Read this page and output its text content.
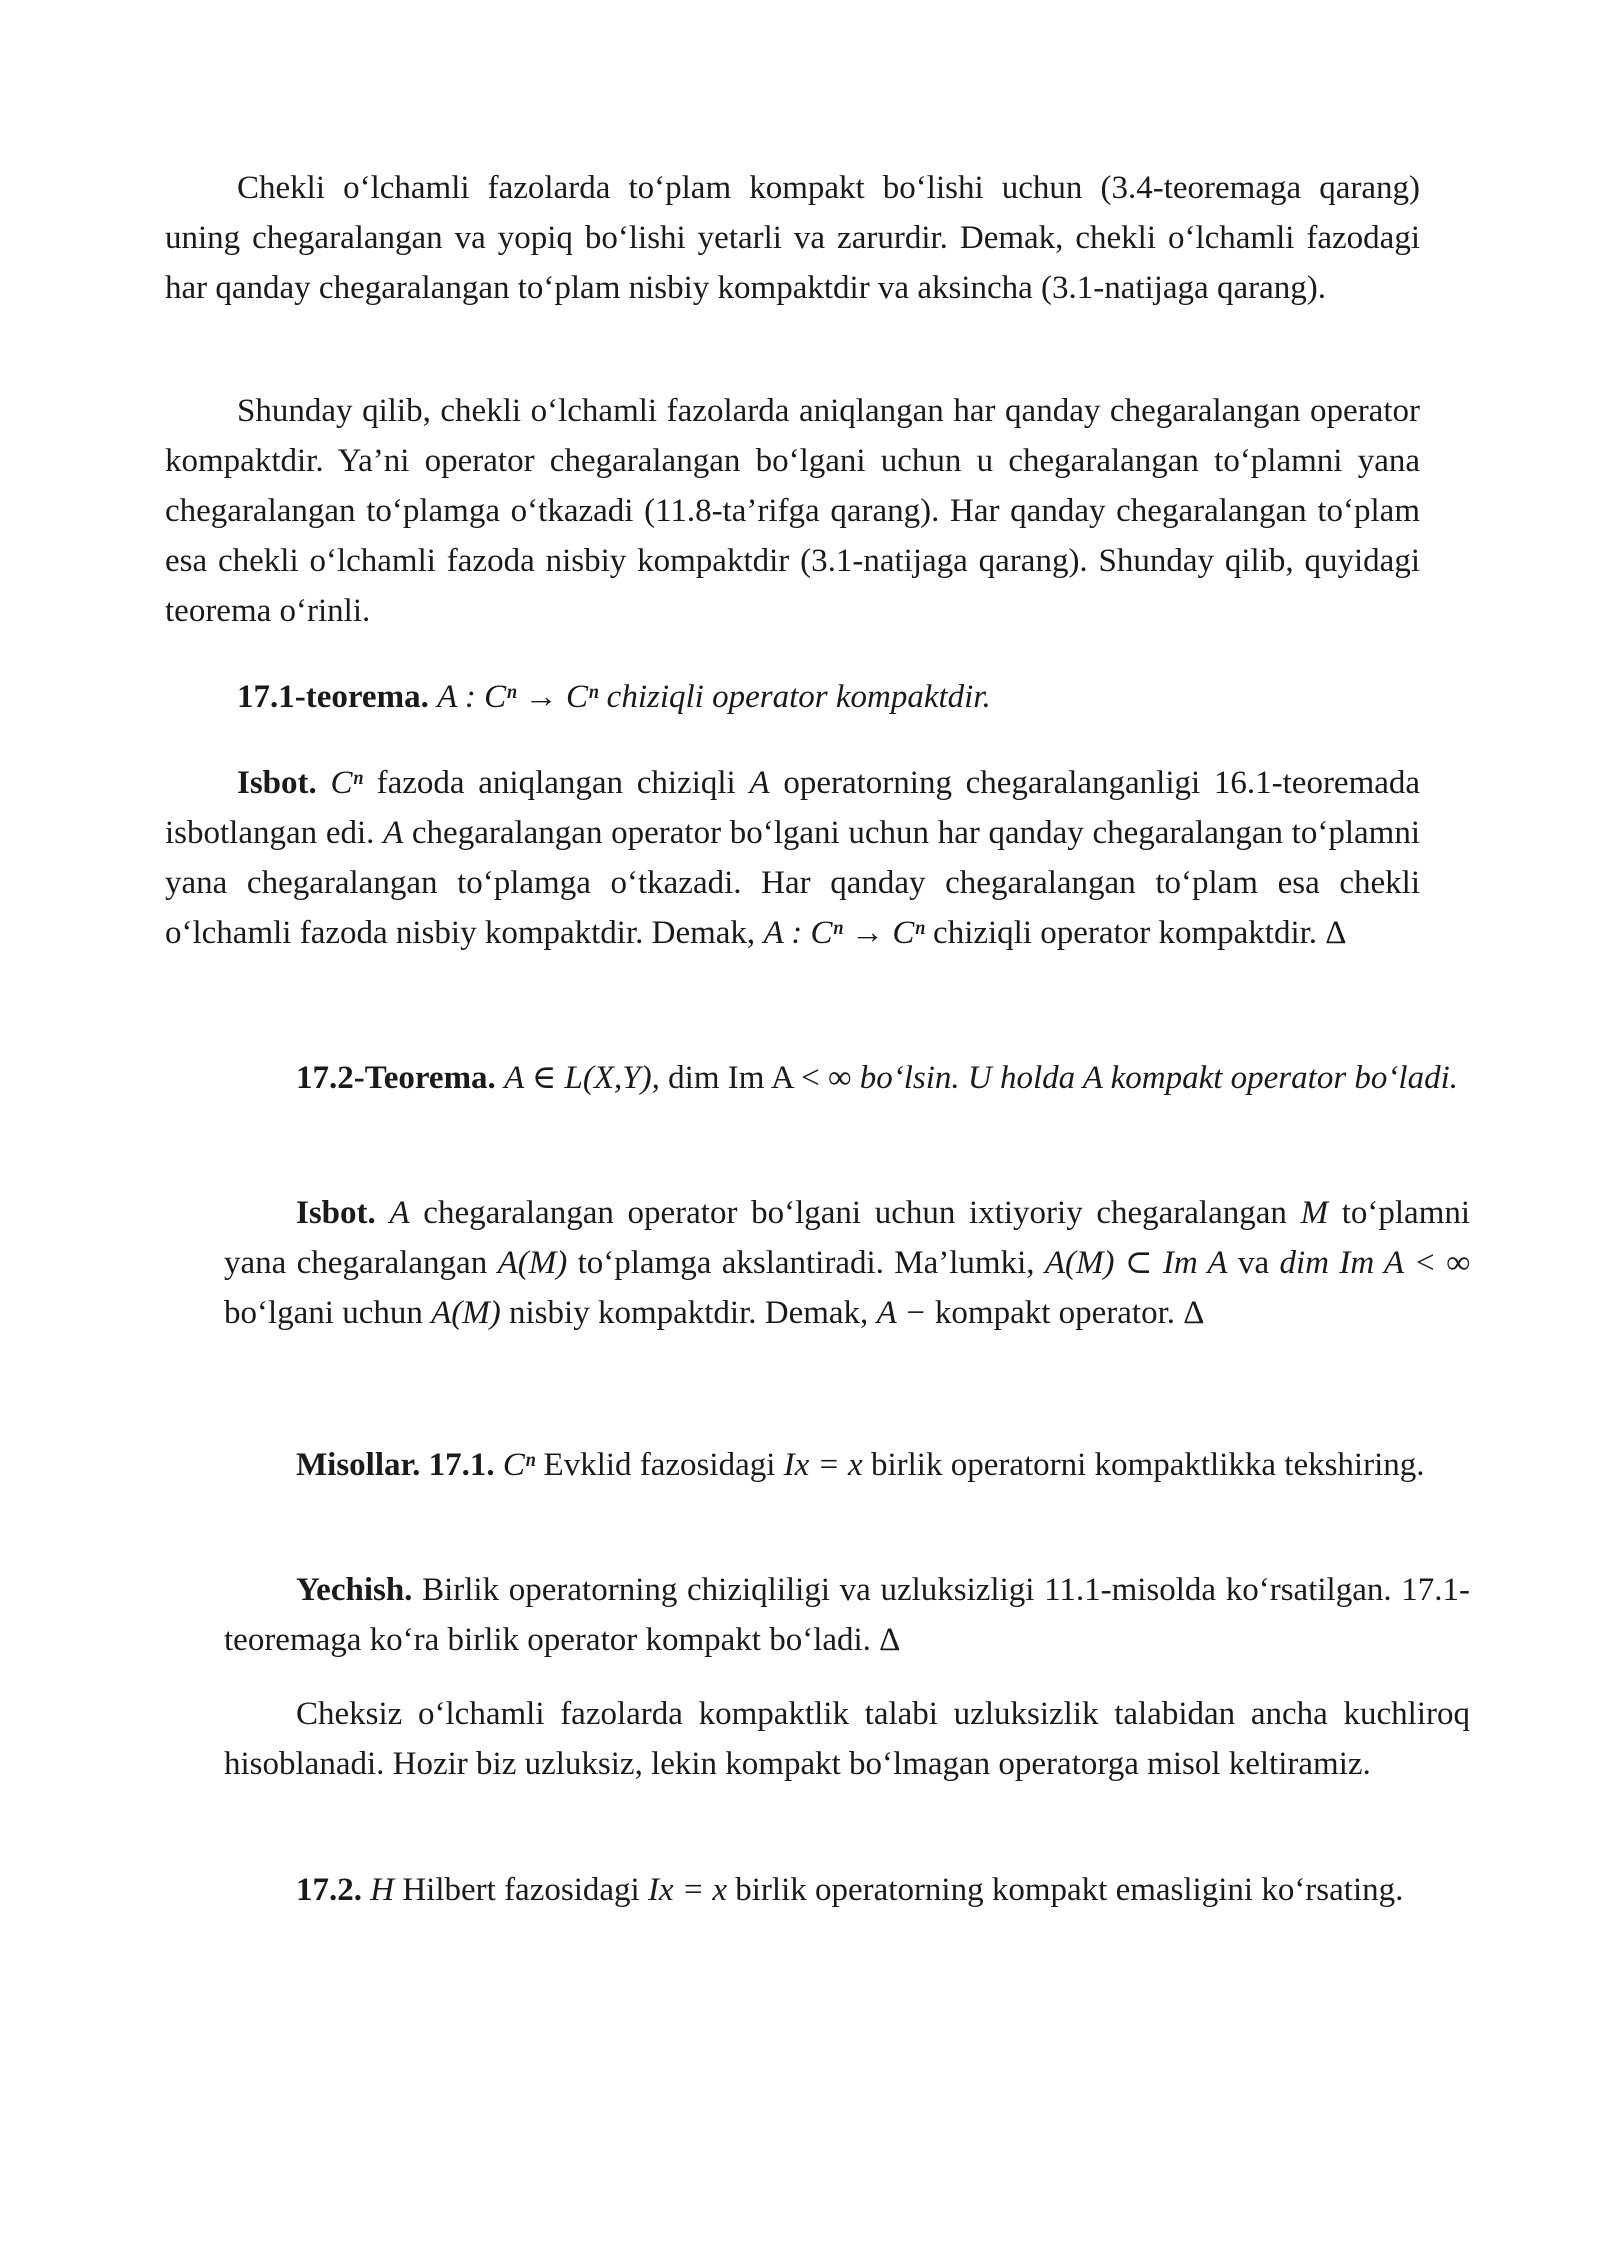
Chekli o‘lchamli fazolarda to‘plam kompakt bo‘lishi uchun (3.4-teoremaga qarang) uning chegaralangan va yopiq bo‘lishi yetarli va zarurdir. Demak, chekli o‘lchamli fazodagi har qanday chegaralangan to‘plam nisbiy kompaktdir va aksincha (3.1-natijaga qarang).

Shunday qilib, chekli o‘lchamli fazolarda aniqlangan har qanday chegaralangan operator kompaktdir. Ya’ni operator chegaralangan bo‘lgani uchun u chegaralangan to‘plamni yana chegaralangan to‘plamga o‘tkazadi (11.8-ta’rifga qarang). Har qanday chegaralangan to‘plam esa chekli o‘lchamli fazoda nisbiy kompaktdir (3.1-natijaga qarang). Shunday qilib, quyidagi teorema o‘rinli.

17.1-teorema. A : Cⁿ → Cⁿ chiziqli operator kompaktdir.

Isbot. Cⁿ fazoda aniqlangan chiziqli A operatorning chegaralanganligi 16.1-teoremada isbotlangan edi. A chegaralangan operator bo‘lgani uchun har qanday chegaralangan to‘plamni yana chegaralangan to‘plamga o‘tkazadi. Har qanday chegaralangan to‘plam esa chekli o‘lchamli fazoda nisbiy kompaktdir. Demak, A : Cⁿ → Cⁿ chiziqli operator kompaktdir. Δ

17.2-Teorema. A ∈ L(X,Y), dim Im A < ∞ bo‘lsin. U holda A kompakt operator bo‘ladi.

Isbot. A chegaralangan operator bo‘lgani uchun ixtiyoriy chegaralangan M to‘plamni yana chegaralangan A(M) to‘plamga akslantiradi. Ma’lumki, A(M) ⊂ Im A va dim Im A < ∞ bo‘lgani uchun A(M) nisbiy kompaktdir. Demak, A − kompakt operator. Δ

Misollar. 17.1. Cⁿ Evklid fazosidagi Ix = x birlik operatorni kompaktlikka tekshiring.

Yechish. Birlik operatorning chiziqliligi va uzluksizligi 11.1-misolda ko‘rsatilgan. 17.1-teoremaga ko‘ra birlik operator kompakt bo‘ladi. Δ

Cheksiz o‘lchamli fazolarda kompaktlik talabi uzluksizlik talabidan ancha kuchliroq hisoblanadi. Hozir biz uzluksiz, lekin kompakt bo‘lmagan operatorga misol keltiramiz.

17.2. H Hilbert fazosidagi Ix = x birlik operatorning kompakt emasligini ko‘rsating.
